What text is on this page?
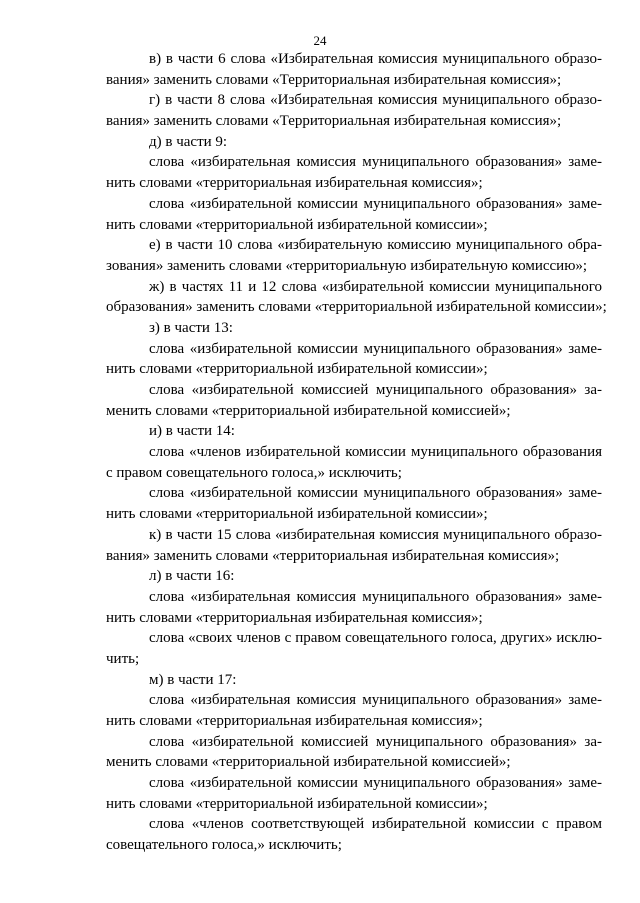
24
в) в части 6 слова «Избирательная комиссия муниципального образо-
вания» заменить словами «Территориальная избирательная комиссия»;
г) в части 8 слова «Избирательная комиссия муниципального образо-
вания» заменить словами «Территориальная избирательная комиссия»;
д) в части 9:
слова «избирательная комиссия муниципального образования» заме-
нить словами «территориальная избирательная комиссия»;
слова «избирательной комиссии муниципального образования» заме-
нить словами «территориальной избирательной комиссии»;
е) в части 10 слова «избирательную комиссию муниципального обра-
зования» заменить словами «территориальную избирательную комиссию»;
ж) в частях 11 и 12 слова «избирательной комиссии муниципального
образования» заменить словами «территориальной избирательной комиссии»;
з) в части 13:
слова «избирательной комиссии муниципального образования» заме-
нить словами «территориальной избирательной комиссии»;
слова «избирательной комиссией муниципального образования» за-
менить словами «территориальной избирательной комиссией»;
и) в части 14:
слова «членов избирательной комиссии муниципального образования
с правом совещательного голоса,» исключить;
слова «избирательной комиссии муниципального образования» заме-
нить словами «территориальной избирательной комиссии»;
к) в части 15 слова «избирательная комиссия муниципального образо-
вания» заменить словами «территориальная избирательная комиссия»;
л) в части 16:
слова «избирательная комиссия муниципального образования» заме-
нить словами «территориальная избирательная комиссия»;
слова «своих членов с правом совещательного голоса, других» исклю-
чить;
м) в части 17:
слова «избирательная комиссия муниципального образования» заме-
нить словами «территориальная избирательная комиссия»;
слова «избирательной комиссией муниципального образования» за-
менить словами «территориальной избирательной комиссией»;
слова «избирательной комиссии муниципального образования» заме-
нить словами «территориальной избирательной комиссии»;
слова «членов соответствующей избирательной комиссии с правом
совещательного голоса,» исключить;
